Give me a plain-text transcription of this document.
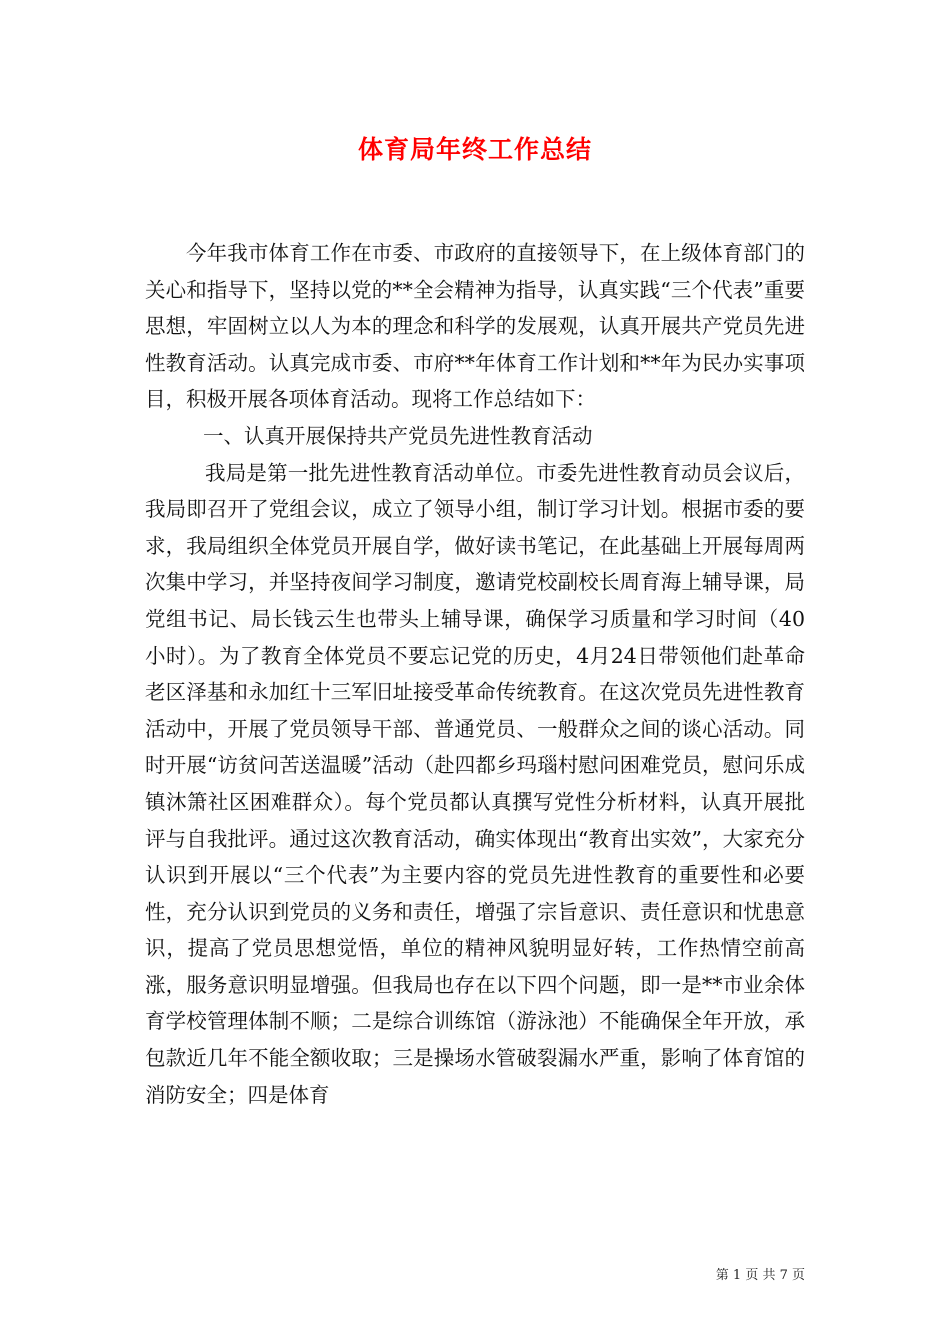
体育局年终工作总结

今年我市体育工作在市委、市政府的直接领导下，在上级体育部门的关心和指导下，坚持以党的**全会精神为指导，认真实践“三个代表”重要思想，牢固树立以人为本的理念和科学的发展观，认真开展共产党员先进性教育活动。认真完成市委、市府**年体育工作计划和**年为民办实事项目，积极开展各项体育活动。现将工作总结如下：

一、认真开展保持共产党员先进性教育活动

我局是第一批先进性教育活动单位。市委先进性教育动员会议后，我局即召开了党组会议，成立了领导小组，制订学习计划。根据市委的要求，我局组织全体党员开展自学，做好读书笔记，在此基础上开展每周两次集中学习，并坚持夜间学习制度，邀请党校副校长周育海上辅导课，局党组书记、局长钱云生也带头上辅导课，确保学习质量和学习时间（40小时）。为了教育全体党员不要忘记党的历史，4月24日带领他们赴革命老区泽基和永加红十三军旧址接受革命传统教育。在这次党员先进性教育活动中，开展了党员领导干部、普通党员、一般群众之间的谈心活动。同时开展“访贫问苦送温暖”活动（赴四都乡玛瑙村慰问困难党员，慰问乐成镇沐箫社区困难群众）。每个党员都认真撰写党性分析材料，认真开展批评与自我批评。通过这次教育活动，确实体现出“教育出实效”，大家充分认识到开展以“三个代表”为主要内容的党员先进性教育的重要性和必要性，充分认识到党员的义务和责任，增强了宗旨意识、责任意识和忧患意识，提高了党员思想觉悟，单位的精神风貌明显好转，工作热情空前高涨，服务意识明显增强。但我局也存在以下四个问题，即一是**市业余体育学校管理体制不顺；二是综合训练馆（游泳池）不能确保全年开放，承包款近几年不能全额收取；三是操场水管破裂漏水严重，影响了体育馆的消防安全；四是体育

第 1 页 共 7 页
